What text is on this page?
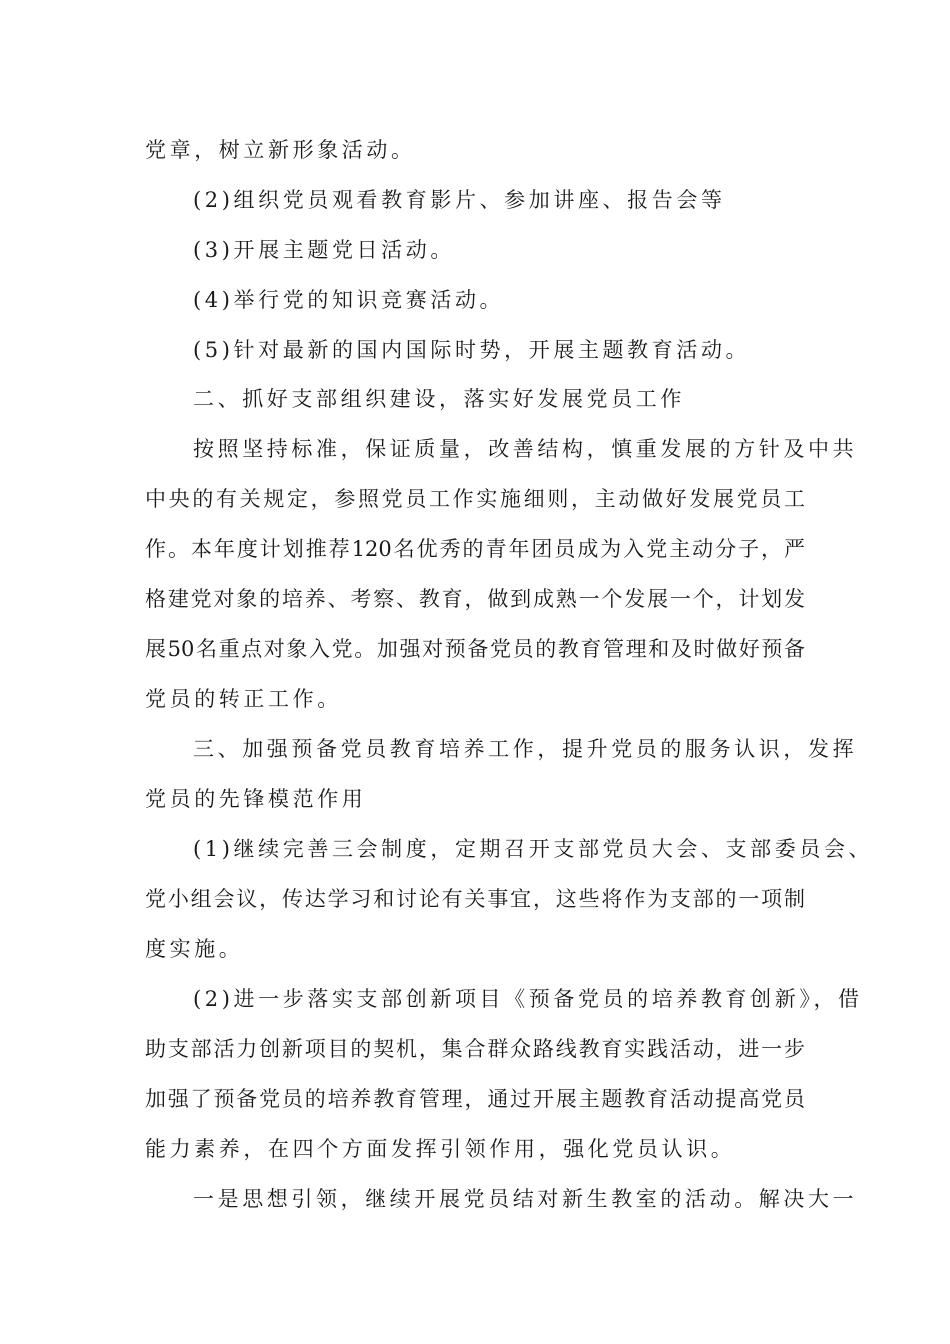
党章，树立新形象活动。

(2)组织党员观看教育影片、参加讲座、报告会等

(3)开展主题党日活动。

(4)举行党的知识竞赛活动。

(5)针对最新的国内国际时势，开展主题教育活动。

二、抓好支部组织建设，落实好发展党员工作

按照坚持标准，保证质量，改善结构，慎重发展的方针及中共

中央的有关规定，参照党员工作实施细则，主动做好发展党员工

作。本年度计划推荐120名优秀的青年团员成为入党主动分子，严

格建党对象的培养、考察、教育，做到成熟一个发展一个，计划发

展50名重点对象入党。加强对预备党员的教育管理和及时做好预备

党员的转正工作。

三、加强预备党员教育培养工作，提升党员的服务认识，发挥

党员的先锋模范作用

(1)继续完善三会制度，定期召开支部党员大会、支部委员会、

党小组会议，传达学习和讨论有关事宜，这些将作为支部的一项制

度实施。

(2)进一步落实支部创新项目《预备党员的培养教育创新》，借

助支部活力创新项目的契机，集合群众路线教育实践活动，进一步

加强了预备党员的培养教育管理，通过开展主题教育活动提高党员

能力素养，在四个方面发挥引领作用，强化党员认识。

一是思想引领，继续开展党员结对新生教室的活动。解决大一
